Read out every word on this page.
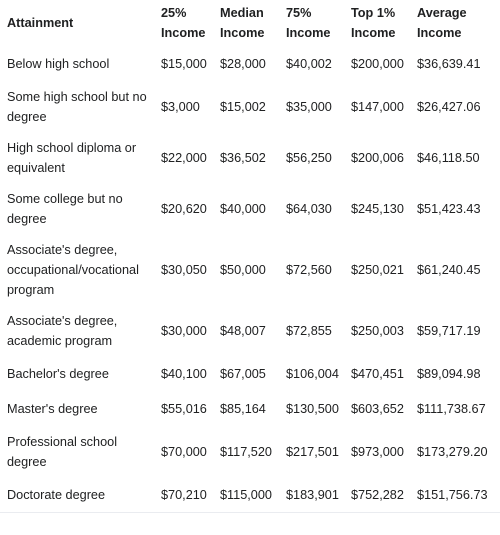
Attainment	25% Income	Median Income	75% Income	Top 1% Income	Average Income
Below high school	$15,000	$28,000	$40,002	$200,000	$36,639.41
Some high school but no degree	$3,000	$15,002	$35,000	$147,000	$26,427.06
High school diploma or equivalent	$22,000	$36,502	$56,250	$200,006	$46,118.50
Some college but no degree	$20,620	$40,000	$64,030	$245,130	$51,423.43
Associate's degree, occupational/vocational program	$30,050	$50,000	$72,560	$250,021	$61,240.45
Associate's degree, academic program	$30,000	$48,007	$72,855	$250,003	$59,717.19
Bachelor's degree	$40,100	$67,005	$106,004	$470,451	$89,094.98
Master's degree	$55,016	$85,164	$130,500	$603,652	$111,738.67
Professional school degree	$70,000	$117,520	$217,501	$973,000	$173,279.20
Doctorate degree	$70,210	$115,000	$183,901	$752,282	$151,756.73
